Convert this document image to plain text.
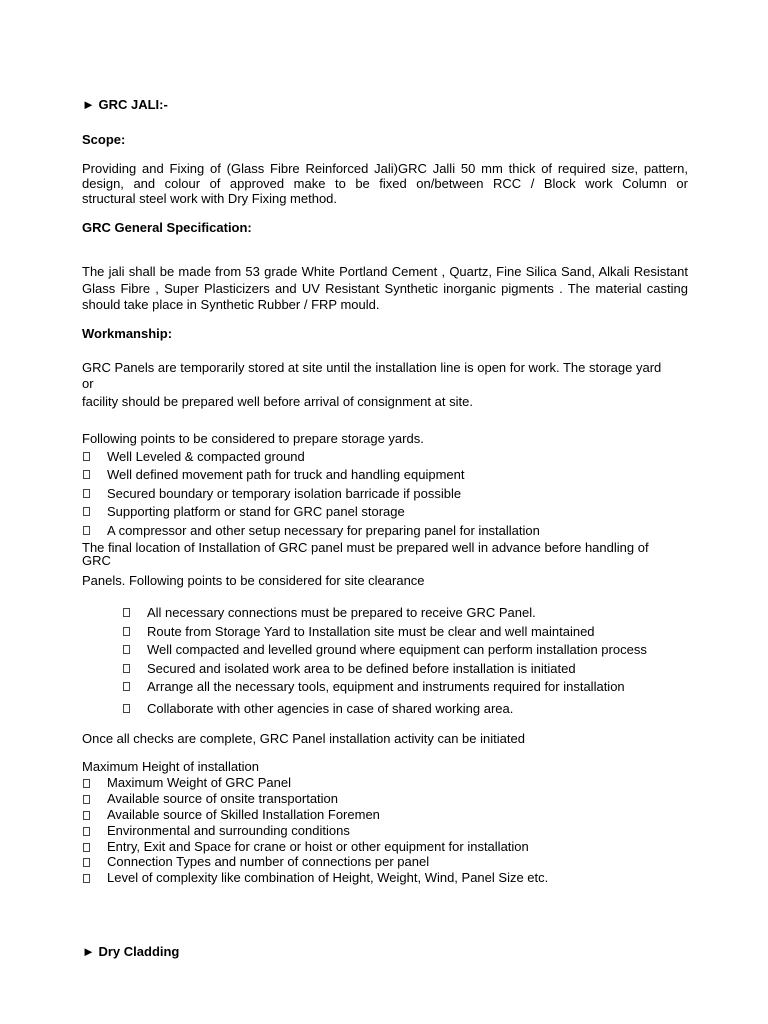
► GRC JALI:-

Scope:

Providing and Fixing of (Glass Fibre Reinforced Jali)GRC Jalli 50 mm thick of required size, pattern,
design, and colour of approved make to be fixed on/between RCC / Block work Column or
structural steel work with Dry Fixing method.

GRC General Specification:

The jali shall be made from 53 grade White Portland Cement , Quartz, Fine Silica Sand, Alkali Resistant
Glass Fibre , Super Plasticizers and UV Resistant Synthetic inorganic pigments . The material casting
should take place in Synthetic Rubber / FRP mould.

Workmanship:

GRC Panels are temporarily stored at site until the installation line is open for work. The storage yard
or
facility should be prepared well before arrival of consignment at site.

Following points to be considered to prepare storage yards.

Well Leveled & compacted ground
Well defined movement path for truck and handling equipment
Secured boundary or temporary isolation barricade if possible
Supporting platform or stand for GRC panel storage
A compressor and other setup necessary for preparing panel for installation
The final location of Installation of GRC panel must be prepared well in advance before handling of
GRC
Panels. Following points to be considered for site clearance
All necessary connections must be prepared to receive GRC Panel.
Route from Storage Yard to Installation site must be clear and well maintained
Well compacted and levelled ground where equipment can perform installation process
Secured and isolated work area to be defined before installation is initiated
Arrange all the necessary tools, equipment and instruments required for installation
Collaborate with other agencies in case of shared working area.

Once all checks are complete, GRC Panel installation activity can be initiated

Maximum Height of installation

Maximum Weight of GRC Panel
Available source of onsite transportation
Available source of Skilled Installation Foremen
Environmental and surrounding conditions
Entry, Exit and Space for crane or hoist or other equipment for installation
Connection Types and number of connections per panel
Level of complexity like combination of Height, Weight, Wind, Panel Size etc.

► Dry Cladding
